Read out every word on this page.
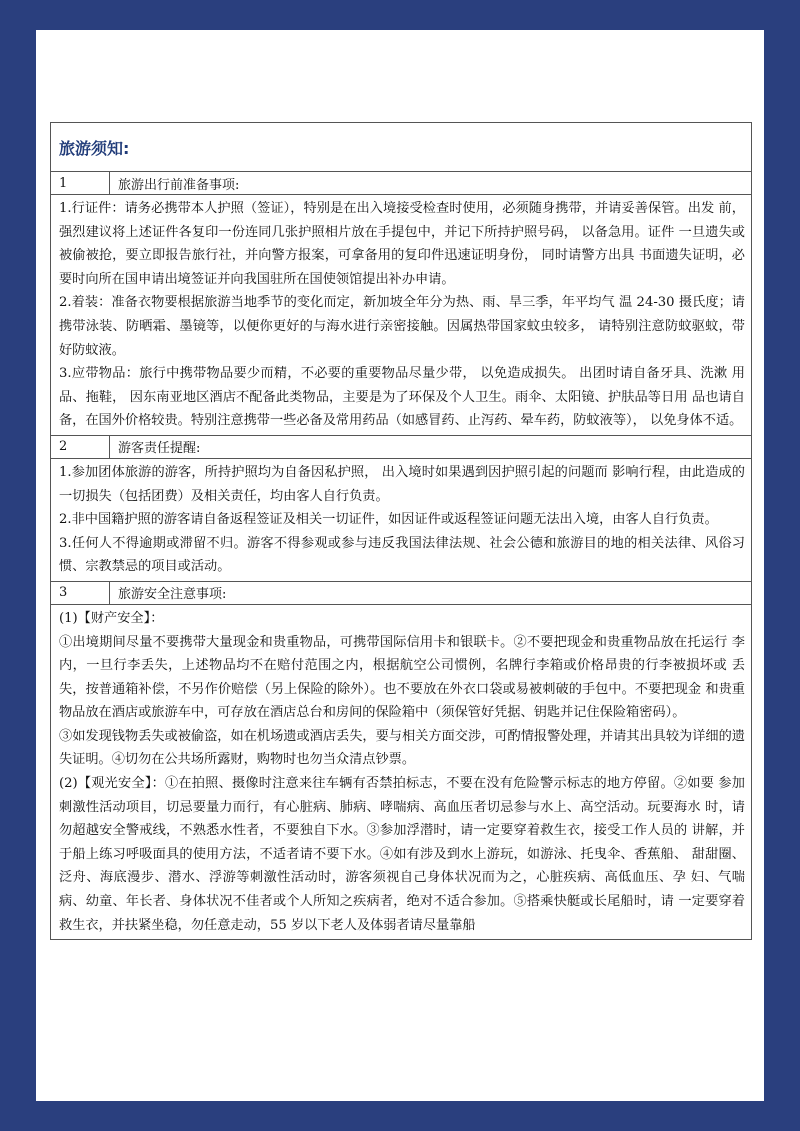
旅游须知:
1	旅游出行前准备事项:

1.行证件：请务必携带本人护照（签证），特别是在出入境接受检查时使用，必须随身携带，并请妥善保管。出发 前，强烈建议将上述证件各复印一份连同几张护照相片放在手提包中，并记下所持护照号码， 以备急用。证件 一旦遗失或被偷被抢，要立即报告旅行社，并向警方报案，可拿备用的复印件迅速证明身份， 同时请警方出具 书面遗失证明，必要时向所在国申请出境签证并向我国驻所在国使领馆提出补办申请。

2.着装：准备衣物要根据旅游当地季节的变化而定，新加坡全年分为热、雨、旱三季，年平均气 温 24-30 摄氏度；请携带泳装、防晒霜、墨镜等，以便你更好的与海水进行亲密接触。因属热带国家蚊虫较多， 请特别注意防蚊驱蚊，带好防蚊液。

3.应带物品：旅行中携带物品要少而精，不必要的重要物品尽量少带， 以免造成损失。 出团时请自备牙具、洗漱 用品、拖鞋， 因东南亚地区酒店不配备此类物品，主要是为了环保及个人卫生。雨伞、太阳镜、护肤品等日用 品也请自备，在国外价格较贵。特别注意携带一些必备及常用药品（如感冒药、止泻药、晕车药，防蚊液等）， 以免身体不适。

2	游客责任提醒:

1.参加团体旅游的游客，所持护照均为自备因私护照， 出入境时如果遇到因护照引起的问题而 影响行程，由此造成的一切损失（包括团费）及相关责任，均由客人自行负责。

2.非中国籍护照的游客请自备返程签证及相关一切证件，如因证件或返程签证问题无法出入境，由客人自行负责。

3.任何人不得逾期或滞留不归。游客不得参观或参与违反我国法律法规、社会公德和旅游目的地的相关法律、风俗习惯、宗教禁忌的项目或活动。

3	旅游安全注意事项:

(1)【财产安全】：

①出境期间尽量不要携带大量现金和贵重物品，可携带国际信用卡和银联卡。②不要把现金和贵重物品放在托运行 李内，一旦行李丢失，上述物品均不在赔付范围之内，根据航空公司惯例，名牌行李箱或价格昂贵的行李被损坏或 丢失，按普通箱补偿，不另作价赔偿（另上保险的除外）。也不要放在外衣口袋或易被刺破的手包中。不要把现金 和贵重物品放在酒店或旅游车中，可存放在酒店总台和房间的保险箱中（须保管好凭据、钥匙并记住保险箱密码）。

③如发现钱物丢失或被偷盗，如在机场遗或酒店丢失，要与相关方面交涉，可酌情报警处理，并请其出具较为详细的遗失证明。④切勿在公共场所露财，购物时也勿当众清点钞票。

(2)【观光安全】：①在拍照、摄像时注意来往车辆有否禁拍标志，不要在没有危险警示标志的地方停留。②如要 参加刺激性活动项目，切忌要量力而行，有心脏病、肺病、哮喘病、高血压者切忌参与水上、高空活动。玩要海水 时，请勿超越安全警戒线，不熟悉水性者，不要独自下水。③参加浮潜时，请一定要穿着救生衣，接受工作人员的 讲解，并于船上练习呼吸面具的使用方法，不适者请不要下水。④如有涉及到水上游玩，如游泳、托曳伞、香蕉船、 甜甜圈、泛舟、海底漫步、潜水、浮游等刺激性活动时，游客须视自己身体状况而为之，心脏疾病、高低血压、孕 妇、气喘病、幼童、年长者、身体状况不佳者或个人所知之疾病者，绝对不适合参加。⑤搭乘快艇或长尾船时，请 一定要穿着救生衣，并扶紧坐稳，勿任意走动，55 岁以下老人及体弱者请尽量靠船
